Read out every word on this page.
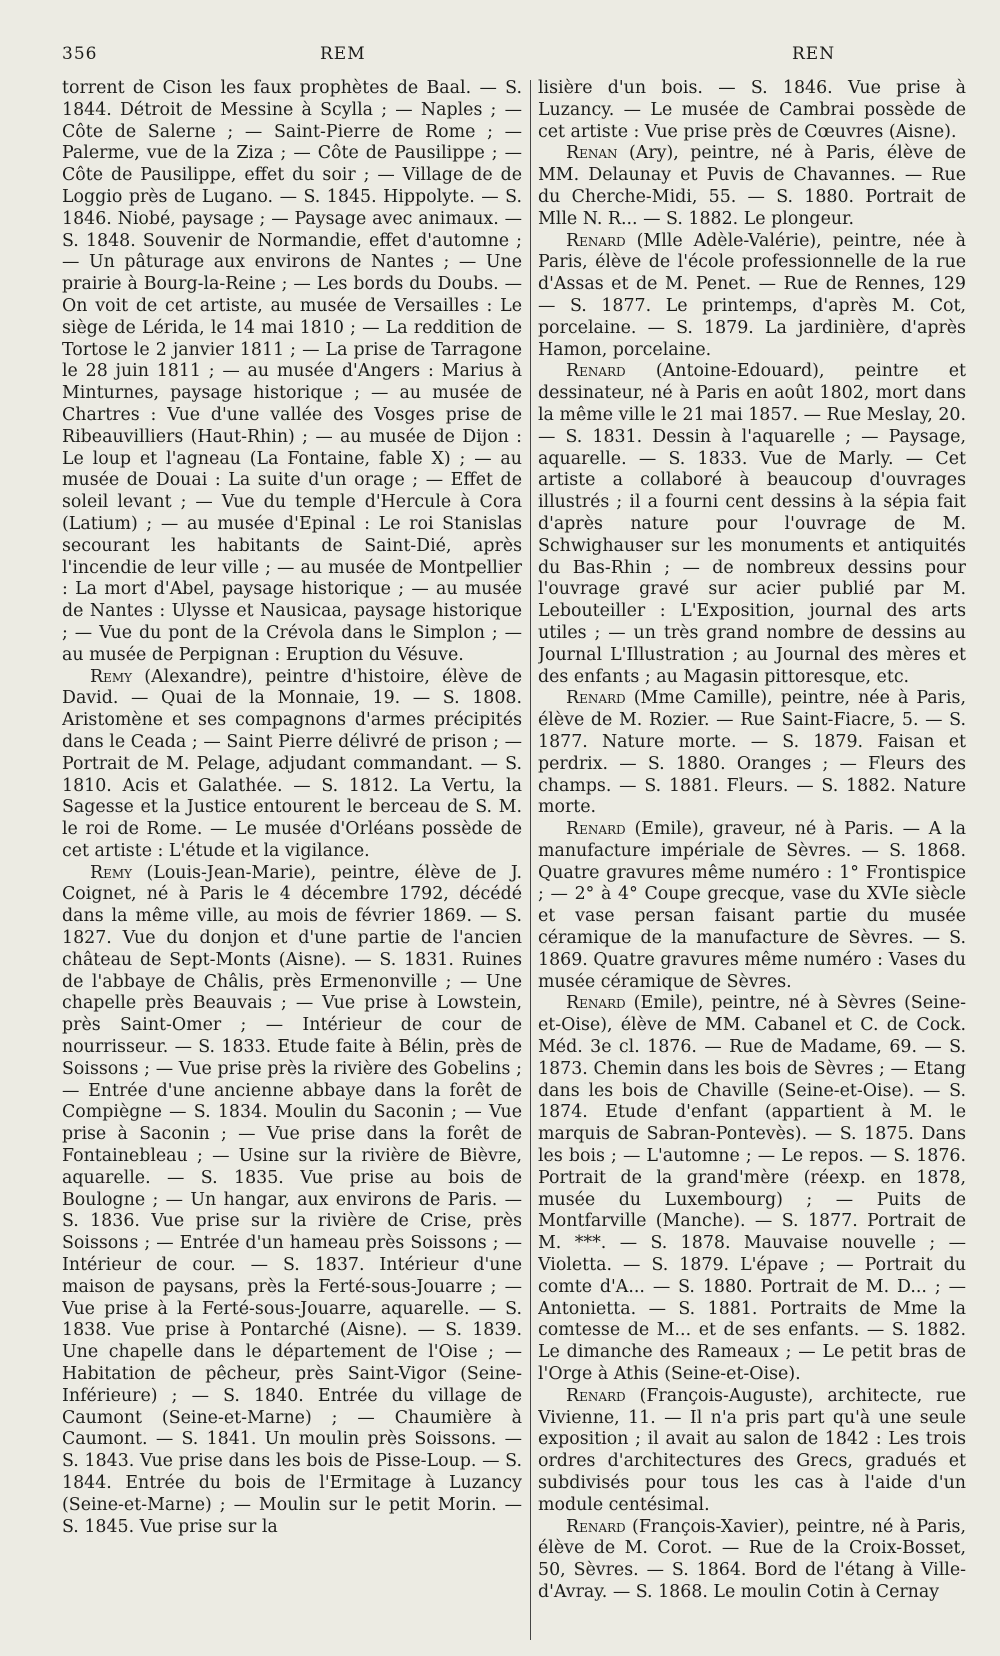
356	REM	REN

torrent de Cison les faux prophètes de Baal. — S. 1844. Détroit de Messine à Scylla ; — Naples ; — Côte de Salerne ; — Saint-Pierre de Rome ; — Palerme, vue de la Ziza ; — Côte de Pausilippe ; — Côte de Pausilippe, effet du soir ; — Village de de Loggio près de Lugano. — S. 1845. Hippolyte. — S. 1846. Niobé, paysage ; — Paysage avec animaux. — S. 1848. Souvenir de Normandie, effet d'automne ; — Un pâturage aux environs de Nantes ; — Une prairie à Bourg-la-Reine ; — Les bords du Doubs. — On voit de cet artiste, au musée de Versailles : Le siège de Lérida, le 14 mai 1810 ; — La reddition de Tortose le 2 janvier 1811 ; — La prise de Tarragone le 28 juin 1811 ; — au musée d'Angers : Marius à Minturnes, paysage historique ; — au musée de Chartres : Vue d'une vallée des Vosges prise de Ribeauvilliers (Haut-Rhin) ; — au musée de Dijon : Le loup et l'agneau (La Fontaine, fable X) ; — au musée de Douai : La suite d'un orage ; — Effet de soleil levant ; — Vue du temple d'Hercule à Cora (Latium) ; — au musée d'Epinal : Le roi Stanislas secourant les habitants de Saint-Dié, après l'incendie de leur ville ; — au musée de Montpellier : La mort d'Abel, paysage historique ; — au musée de Nantes : Ulysse et Nausicaa, paysage historique ; — Vue du pont de la Crévola dans le Simplon ; — au musée de Perpignan : Eruption du Vésuve.

Remy (Alexandre), peintre d'histoire, élève de David. — Quai de la Monnaie, 19. — S. 1808. Aristomène et ses compagnons d'armes précipités dans le Ceada ; — Saint Pierre délivré de prison ; — Portrait de M. Pelage, adjudant commandant. — S. 1810. Acis et Galathée. — S. 1812. La Vertu, la Sagesse et la Justice entourent le berceau de S. M. le roi de Rome. — Le musée d'Orléans possède de cet artiste : L'étude et la vigilance.

Remy (Louis-Jean-Marie), peintre, élève de J. Coignet, né à Paris le 4 décembre 1792, décédé dans la même ville, au mois de février 1869. — S. 1827. Vue du donjon et d'une partie de l'ancien château de Sept-Monts (Aisne). — S. 1831. Ruines de l'abbaye de Châlis, près Ermenonville ; — Une chapelle près Beauvais ; — Vue prise à Lowstein, près Saint-Omer ; — Intérieur de cour de nourrisseur. — S. 1833. Etude faite à Bélin, près de Soissons ; — Vue prise près la rivière des Gobelins ; — Entrée d'une ancienne abbaye dans la forêt de Compiègne — S. 1834. Moulin du Saconin ; — Vue prise à Saconin ; — Vue prise dans la forêt de Fontainebleau ; — Usine sur la rivière de Bièvre, aquarelle. — S. 1835. Vue prise au bois de Boulogne ; — Un hangar, aux environs de Paris. — S. 1836. Vue prise sur la rivière de Crise, près Soissons ; — Entrée d'un hameau près Soissons ; — Intérieur de cour. — S. 1837. Intérieur d'une maison de paysans, près la Ferté-sous-Jouarre ; — Vue prise à la Ferté-sous-Jouarre, aquarelle. — S. 1838. Vue prise à Pontarché (Aisne). — S. 1839. Une chapelle dans le département de l'Oise ; — Habitation de pêcheur, près Saint-Vigor (Seine-Inférieure) ; — S. 1840. Entrée du village de Caumont (Seine-et-Marne) ; — Chaumière à Caumont. — S. 1841. Un moulin près Soissons. — S. 1843. Vue prise dans les bois de Pisse-Loup. — S. 1844. Entrée du bois de l'Ermitage à Luzancy (Seine-et-Marne) ; — Moulin sur le petit Morin. — S. 1845. Vue prise sur la

lisière d'un bois. — S. 1846. Vue prise à Luzancy. — Le musée de Cambrai possède de cet artiste : Vue prise près de Cœuvres (Aisne).

Renan (Ary), peintre, né à Paris, élève de MM. Delaunay et Puvis de Chavannes. — Rue du Cherche-Midi, 55. — S. 1880. Portrait de Mlle N. R... — S. 1882. Le plongeur.

Renard (Mlle Adèle-Valérie), peintre, née à Paris, élève de l'école professionnelle de la rue d'Assas et de M. Penet. — Rue de Rennes, 129 — S. 1877. Le printemps, d'après M. Cot, porcelaine. — S. 1879. La jardinière, d'après Hamon, porcelaine.

Renard (Antoine-Edouard), peintre et dessinateur, né à Paris en août 1802, mort dans la même ville le 21 mai 1857. — Rue Meslay, 20. — S. 1831. Dessin à l'aquarelle ; — Paysage, aquarelle. — S. 1833. Vue de Marly. — Cet artiste a collaboré à beaucoup d'ouvrages illustrés ; il a fourni cent dessins à la sépia fait d'après nature pour l'ouvrage de M. Schwighauser sur les monuments et antiquités du Bas-Rhin ; — de nombreux dessins pour l'ouvrage gravé sur acier publié par M. Lebouteiller : L'Exposition, journal des arts utiles ; — un très grand nombre de dessins au Journal L'Illustration ; au Journal des mères et des enfants ; au Magasin pittoresque, etc.

Renard (Mme Camille), peintre, née à Paris, élève de M. Rozier. — Rue Saint-Fiacre, 5. — S. 1877. Nature morte. — S. 1879. Faisan et perdrix. — S. 1880. Oranges ; — Fleurs des champs. — S. 1881. Fleurs. — S. 1882. Nature morte.

Renard (Emile), graveur, né à Paris. — A la manufacture impériale de Sèvres. — S. 1868. Quatre gravures même numéro : 1° Frontispice ; — 2° à 4° Coupe grecque, vase du XVIe siècle et vase persan faisant partie du musée céramique de la manufacture de Sèvres. — S. 1869. Quatre gravures même numéro : Vases du musée céramique de Sèvres.

Renard (Emile), peintre, né à Sèvres (Seine-et-Oise), élève de MM. Cabanel et C. de Cock. Méd. 3e cl. 1876. — Rue de Madame, 69. — S. 1873. Chemin dans les bois de Sèvres ; — Etang dans les bois de Chaville (Seine-et-Oise). — S. 1874. Etude d'enfant (appartient à M. le marquis de Sabran-Pontevès). — S. 1875. Dans les bois ; — L'automne ; — Le repos. — S. 1876. Portrait de la grand'mère (réexp. en 1878, musée du Luxembourg) ; — Puits de Montfarville (Manche). — S. 1877. Portrait de M. ***. — S. 1878. Mauvaise nouvelle ; — Violetta. — S. 1879. L'épave ; — Portrait du comte d'A... — S. 1880. Portrait de M. D... ; — Antonietta. — S. 1881. Portraits de Mme la comtesse de M... et de ses enfants. — S. 1882. Le dimanche des Rameaux ; — Le petit bras de l'Orge à Athis (Seine-et-Oise).

Renard (François-Auguste), architecte, rue Vivienne, 11. — Il n'a pris part qu'à une seule exposition ; il avait au salon de 1842 : Les trois ordres d'architectures des Grecs, gradués et subdivisés pour tous les cas à l'aide d'un module centésimal.

Renard (François-Xavier), peintre, né à Paris, élève de M. Corot. — Rue de la Croix-Bosset, 50, Sèvres. — S. 1864. Bord de l'étang à Ville-d'Avray. — S. 1868. Le moulin Cotin à Cernay
